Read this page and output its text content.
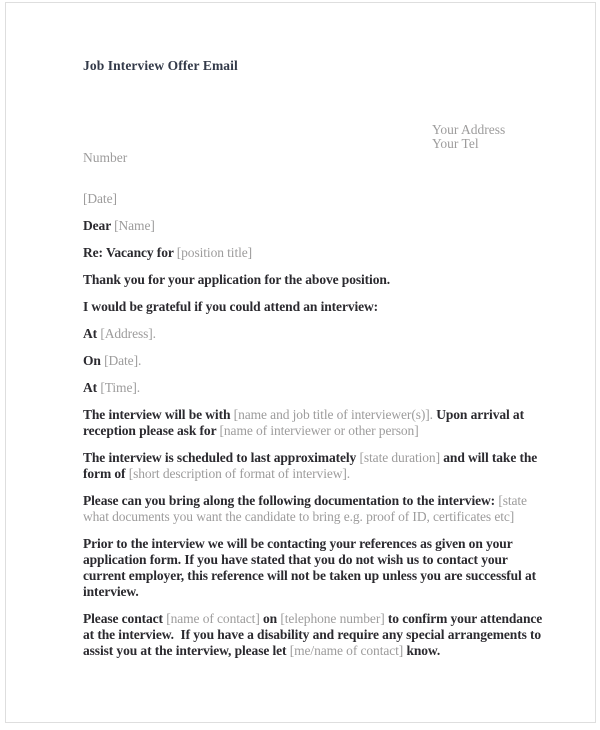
Job Interview Offer Email
Your Address
Your Tel
Number

[Date]

Dear [Name]

Re: Vacancy for [position title]

Thank you for your application for the above position.

I would be grateful if you could attend an interview:

At [Address].

On [Date].

At [Time].

The interview will be with [name and job title of interviewer(s)]. Upon arrival at reception please ask for [name of interviewer or other person]

The interview is scheduled to last approximately [state duration] and will take the form of [short description of format of interview].

Please can you bring along the following documentation to the interview: [state what documents you want the candidate to bring e.g. proof of ID, certificates etc]

Prior to the interview we will be contacting your references as given on your application form. If you have stated that you do not wish us to contact your current employer, this reference will not be taken up unless you are successful at interview.

Please contact [name of contact] on [telephone number] to confirm your attendance at the interview.  If you have a disability and require any special arrangements to assist you at the interview, please let [me/name of contact] know.
